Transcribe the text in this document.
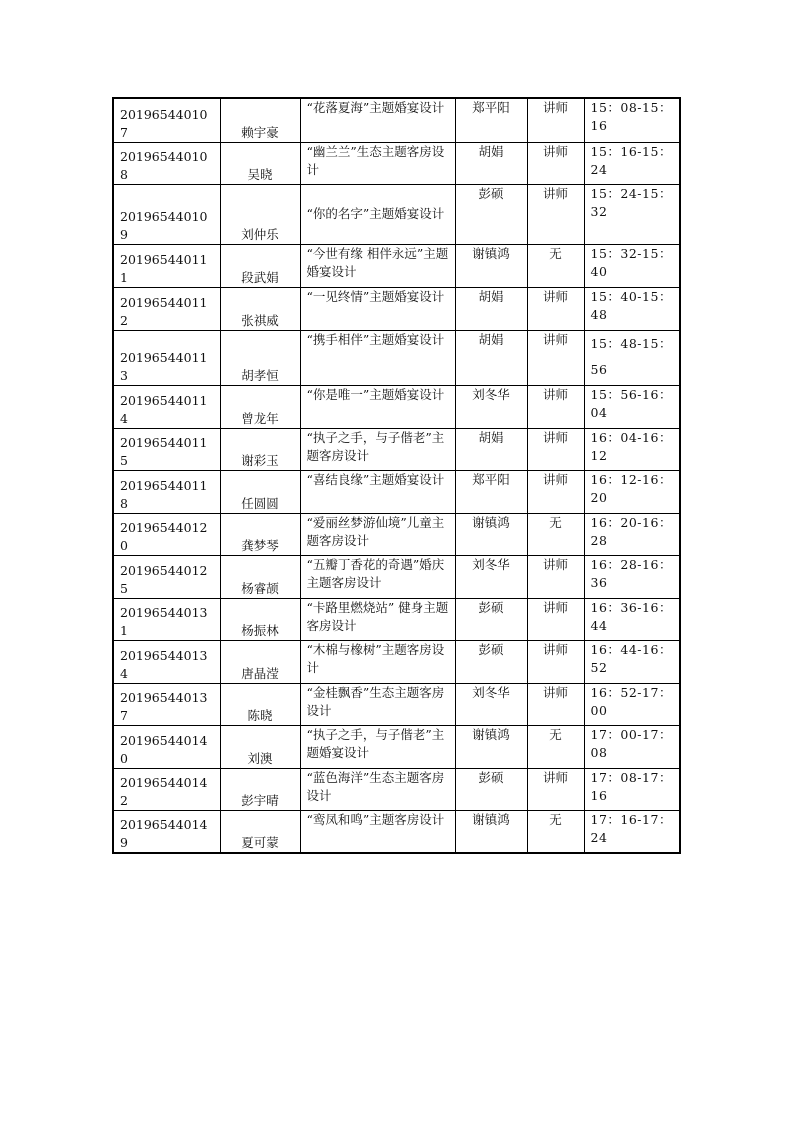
201965440107	赖宇豪	“花落夏海”主题婚宴设计	郑平阳	讲师	15：08-15：16
201965440108	吴晓	“幽兰兰”生态主题客房设计	胡娟	讲师	15：16-15：24
201965440109	刘仲乐	“你的名字”主题婚宴设计	彭硕	讲师	15：24-15：32
201965440111	段武娟	“今世有缘 相伴永远”主题婚宴设计	谢镇鸿	无	15：32-15：40
201965440112	张祺威	“一见终情”主题婚宴设计	胡娟	讲师	15：40-15：48
201965440113	胡孝恒	“携手相伴”主题婚宴设计	胡娟	讲师	15：48-15：56
201965440114	曾龙年	“你是唯一”主题婚宴设计	刘冬华	讲师	15：56-16：04
201965440115	谢彩玉	“执子之手，与子偕老”主题客房设计	胡娟	讲师	16：04-16：12
201965440118	任圆圆	“喜结良缘”主题婚宴设计	郑平阳	讲师	16：12-16：20
201965440120	龚梦琴	“爱丽丝梦游仙境”儿童主题客房设计	谢镇鸿	无	16：20-16：28
201965440125	杨睿颉	“五瓣丁香花的奇遇”婚庆主题客房设计	刘冬华	讲师	16：28-16：36
201965440131	杨振林	“卡路里燃烧站” 健身主题客房设计	彭硕	讲师	16：36-16：44
201965440134	唐晶滢	“木棉与橡树”主题客房设计	彭硕	讲师	16：44-16：52
201965440137	陈晓	“金桂飘香”生态主题客房设计	刘冬华	讲师	16：52-17：00
201965440140	刘澳	“执子之手，与子偕老”主题婚宴设计	谢镇鸿	无	17：00-17：08
201965440142	彭宇晴	“蓝色海洋”生态主题客房设计	彭硕	讲师	17：08-17：16
201965440149	夏可蒙	“鸾凤和鸣”主题客房设计	谢镇鸿	无	17：16-17：24
